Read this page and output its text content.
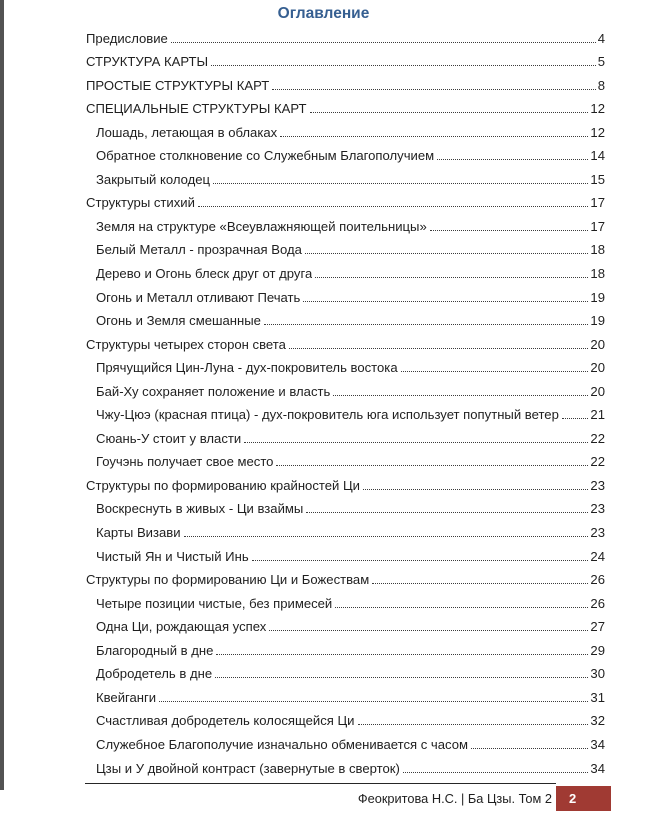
Оглавление
Предисловие	4
СТРУКТУРА КАРТЫ	5
ПРОСТЫЕ СТРУКТУРЫ КАРТ	8
СПЕЦИАЛЬНЫЕ СТРУКТУРЫ КАРТ	12
Лошадь, летающая в облаках	12
Обратное столкновение со Служебным Благополучием	14
Закрытый колодец	15
Структуры стихий	17
Земля на структуре «Всеувлажняющей поительницы»	17
Белый Металл - прозрачная Вода	18
Дерево и Огонь блеск друг от друга	18
Огонь и Металл отливают Печать	19
Огонь и Земля смешанные	19
Структуры четырех сторон света	20
Прячущийся Цин-Луна - дух-покровитель востока	20
Бай-Ху сохраняет положение и власть	20
Чжу-Цюэ (красная птица) - дух-покровитель юга использует попутный ветер 21
Сюань-У стоит у власти	22
Гоучэнь получает свое место	22
Структуры по формированию крайностей Ци	23
Воскреснуть в живых - Ци взаймы	23
Карты Визави	23
Чистый Ян и Чистый Инь	24
Структуры по формированию Ци и Божествам	26
Четыре позиции чистые, без примесей	26
Одна Ци, рождающая успех	27
Благородный в дне	29
Добродетель в дне	30
Квейганги	31
Счастливая добродетель колосящейся Ци	32
Служебное Благополучие изначально обменивается с часом	34
Цзы и У двойной контраст (завернутые в сверток)	34
Феокритова Н.С. | Ба Цзы. Том 2	2
